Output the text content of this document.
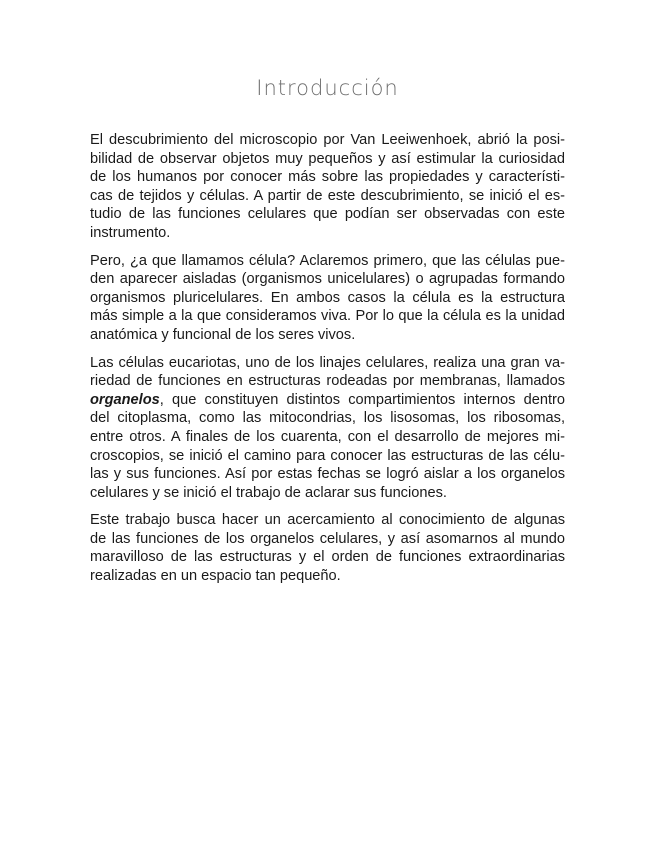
Introducción
El descubrimiento del microscopio por Van Leeiwenhoek, abrió la posi-
bilidad de observar objetos muy pequeños y así estimular la curiosidad
de los humanos por conocer más sobre las propiedades y característi-
cas de tejidos y células. A partir de este descubrimiento, se inició el es-
tudio de las funciones celulares que podían ser observadas con este
instrumento.
Pero, ¿a que llamamos célula? Aclaremos primero, que las células pue-
den aparecer aisladas (organismos unicelulares) o agrupadas formando
organismos pluricelulares. En ambos casos la célula es la estructura
más simple a la que consideramos viva. Por lo que la célula es la unidad
anatómica y funcional de los seres vivos.
Las células eucariotas, uno de los linajes celulares, realiza una gran va-
riedad de funciones en estructuras rodeadas por membranas, llamados
organelos, que constituyen distintos compartimientos internos dentro
del citoplasma, como las mitocondrias, los lisosomas, los ribosomas,
entre otros. A finales de los cuarenta, con el desarrollo de mejores mi-
croscopios, se inició el camino para conocer las estructuras de las célu-
las y sus funciones. Así por estas fechas se logró aislar a los organelos
celulares y se inició el trabajo de aclarar sus funciones.
Este trabajo busca hacer un acercamiento al conocimiento de algunas
de las funciones de los organelos celulares, y así asomarnos al mundo
maravilloso de las estructuras y el orden de funciones extraordinarias
realizadas en un espacio tan pequeño.
